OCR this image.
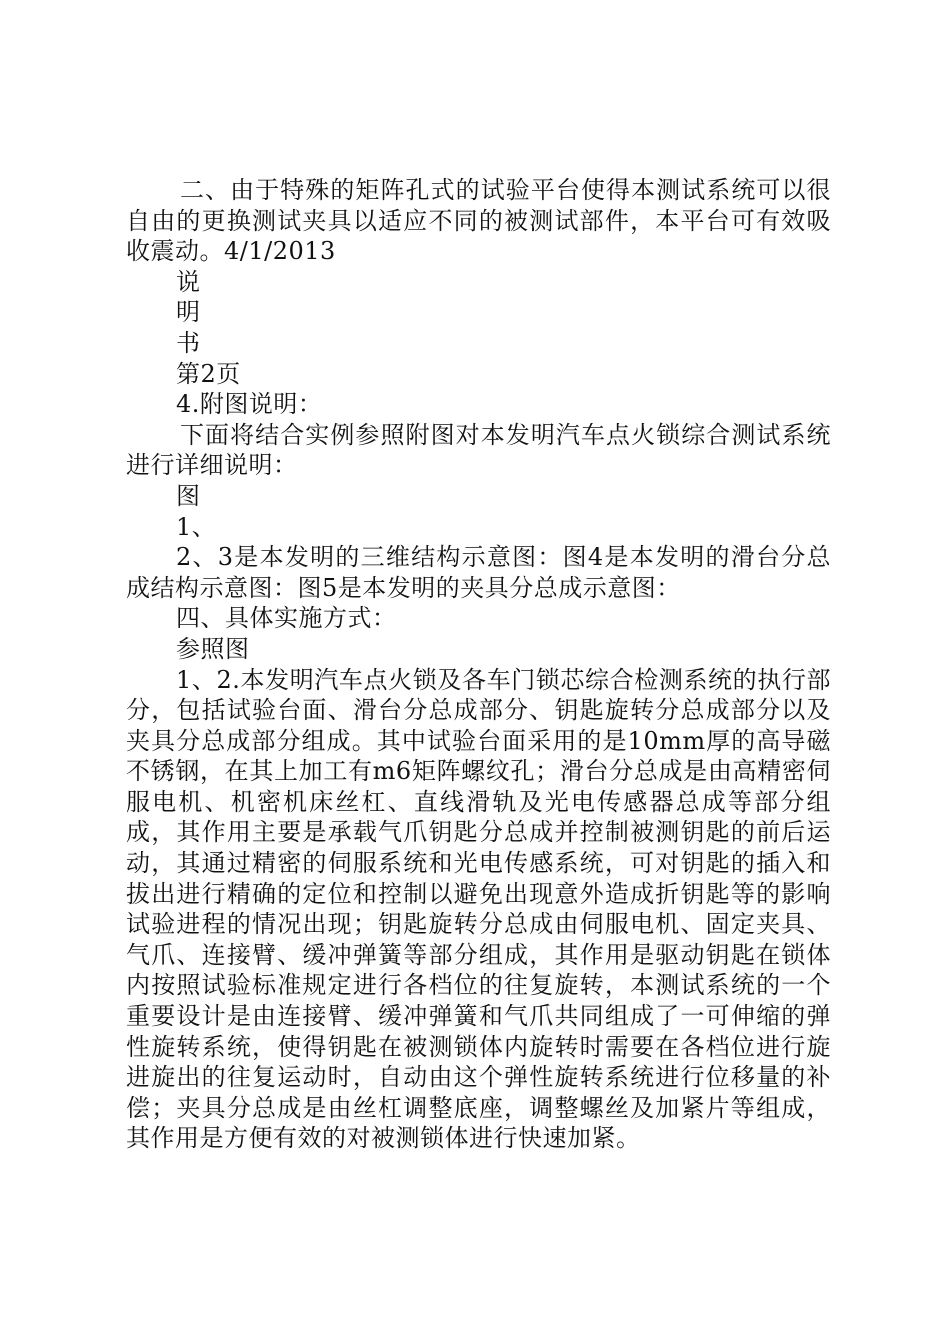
二、由于特殊的矩阵孔式的试验平台使得本测试系统可以很自由的更换测试夹具以适应不同的被测试部件，本平台可有效吸收震动。4/1/2013

说

明

书

第2页

4.附图说明：

下面将结合实例参照附图对本发明汽车点火锁综合测试系统进行详细说明：

图

1、

2、3是本发明的三维结构示意图：图4是本发明的滑台分总成结构示意图：图5是本发明的夹具分总成示意图：

四、具体实施方式：

参照图

1、2.本发明汽车点火锁及各车门锁芯综合检测系统的执行部分，包括试验台面、滑台分总成部分、钥匙旋转分总成部分以及夹具分总成部分组成。其中试验台面采用的是10mm厚的高导磁不锈钢，在其上加工有m6矩阵螺纹孔；滑台分总成是由高精密伺服电机、机密机床丝杠、直线滑轨及光电传感器总成等部分组成，其作用主要是承载气爪钥匙分总成并控制被测钥匙的前后运动，其通过精密的伺服系统和光电传感系统，可对钥匙的插入和拔出进行精确的定位和控制以避免出现意外造成折钥匙等的影响试验进程的情况出现；钥匙旋转分总成由伺服电机、固定夹具、气爪、连接臂、缓冲弹簧等部分组成，其作用是驱动钥匙在锁体内按照试验标准规定进行各档位的往复旋转，本测试系统的一个重要设计是由连接臂、缓冲弹簧和气爪共同组成了一可伸缩的弹性旋转系统，使得钥匙在被测锁体内旋转时需要在各档位进行旋进旋出的往复运动时，自动由这个弹性旋转系统进行位移量的补偿；夹具分总成是由丝杠调整底座，调整螺丝及加紧片等组成，其作用是方便有效的对被测锁体进行快速加紧。
